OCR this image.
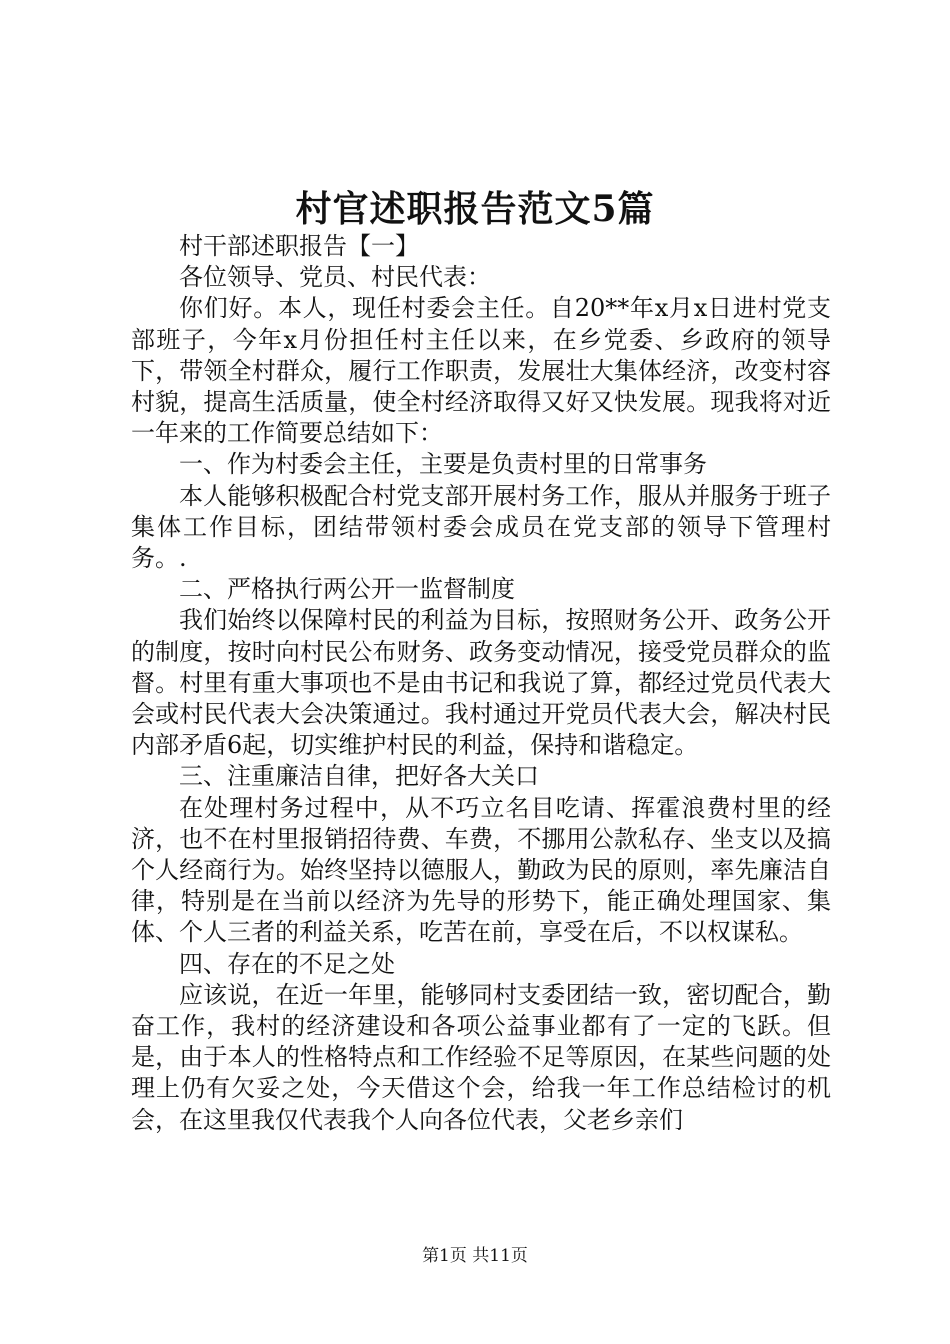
村官述职报告范文5篇

村干部述职报告【一】

各位领导、党员、村民代表：

你们好。本人，现任村委会主任。自20**年x月x日进村党支部班子，今年x月份担任村主任以来，在乡党委、乡政府的领导下，带领全村群众，履行工作职责，发展壮大集体经济，改变村容村貌，提高生活质量，使全村经济取得又好又快发展。现我将对近一年来的工作简要总结如下：

一、作为村委会主任，主要是负责村里的日常事务

本人能够积极配合村党支部开展村务工作，服从并服务于班子集体工作目标，团结带领村委会成员在党支部的领导下管理村务。.

二、严格执行两公开一监督制度

我们始终以保障村民的利益为目标，按照财务公开、政务公开的制度，按时向村民公布财务、政务变动情况，接受党员群众的监督。村里有重大事项也不是由书记和我说了算，都经过党员代表大会或村民代表大会决策通过。我村通过开党员代表大会，解决村民内部矛盾6起，切实维护村民的利益，保持和谐稳定。

三、注重廉洁自律，把好各大关口

在处理村务过程中，从不巧立名目吃请、挥霍浪费村里的经济，也不在村里报销招待费、车费，不挪用公款私存、坐支以及搞个人经商行为。始终坚持以德服人，勤政为民的原则，率先廉洁自律，特别是在当前以经济为先导的形势下，能正确处理国家、集体、个人三者的利益关系，吃苦在前，享受在后，不以权谋私。

四、存在的不足之处

应该说，在近一年里，能够同村支委团结一致，密切配合，勤奋工作，我村的经济建设和各项公益事业都有了一定的飞跃。但是，由于本人的性格特点和工作经验不足等原因，在某些问题的处理上仍有欠妥之处，今天借这个会，给我一年工作总结检讨的机会，在这里我仅代表我个人向各位代表，父老乡亲们

第1页 共11页
